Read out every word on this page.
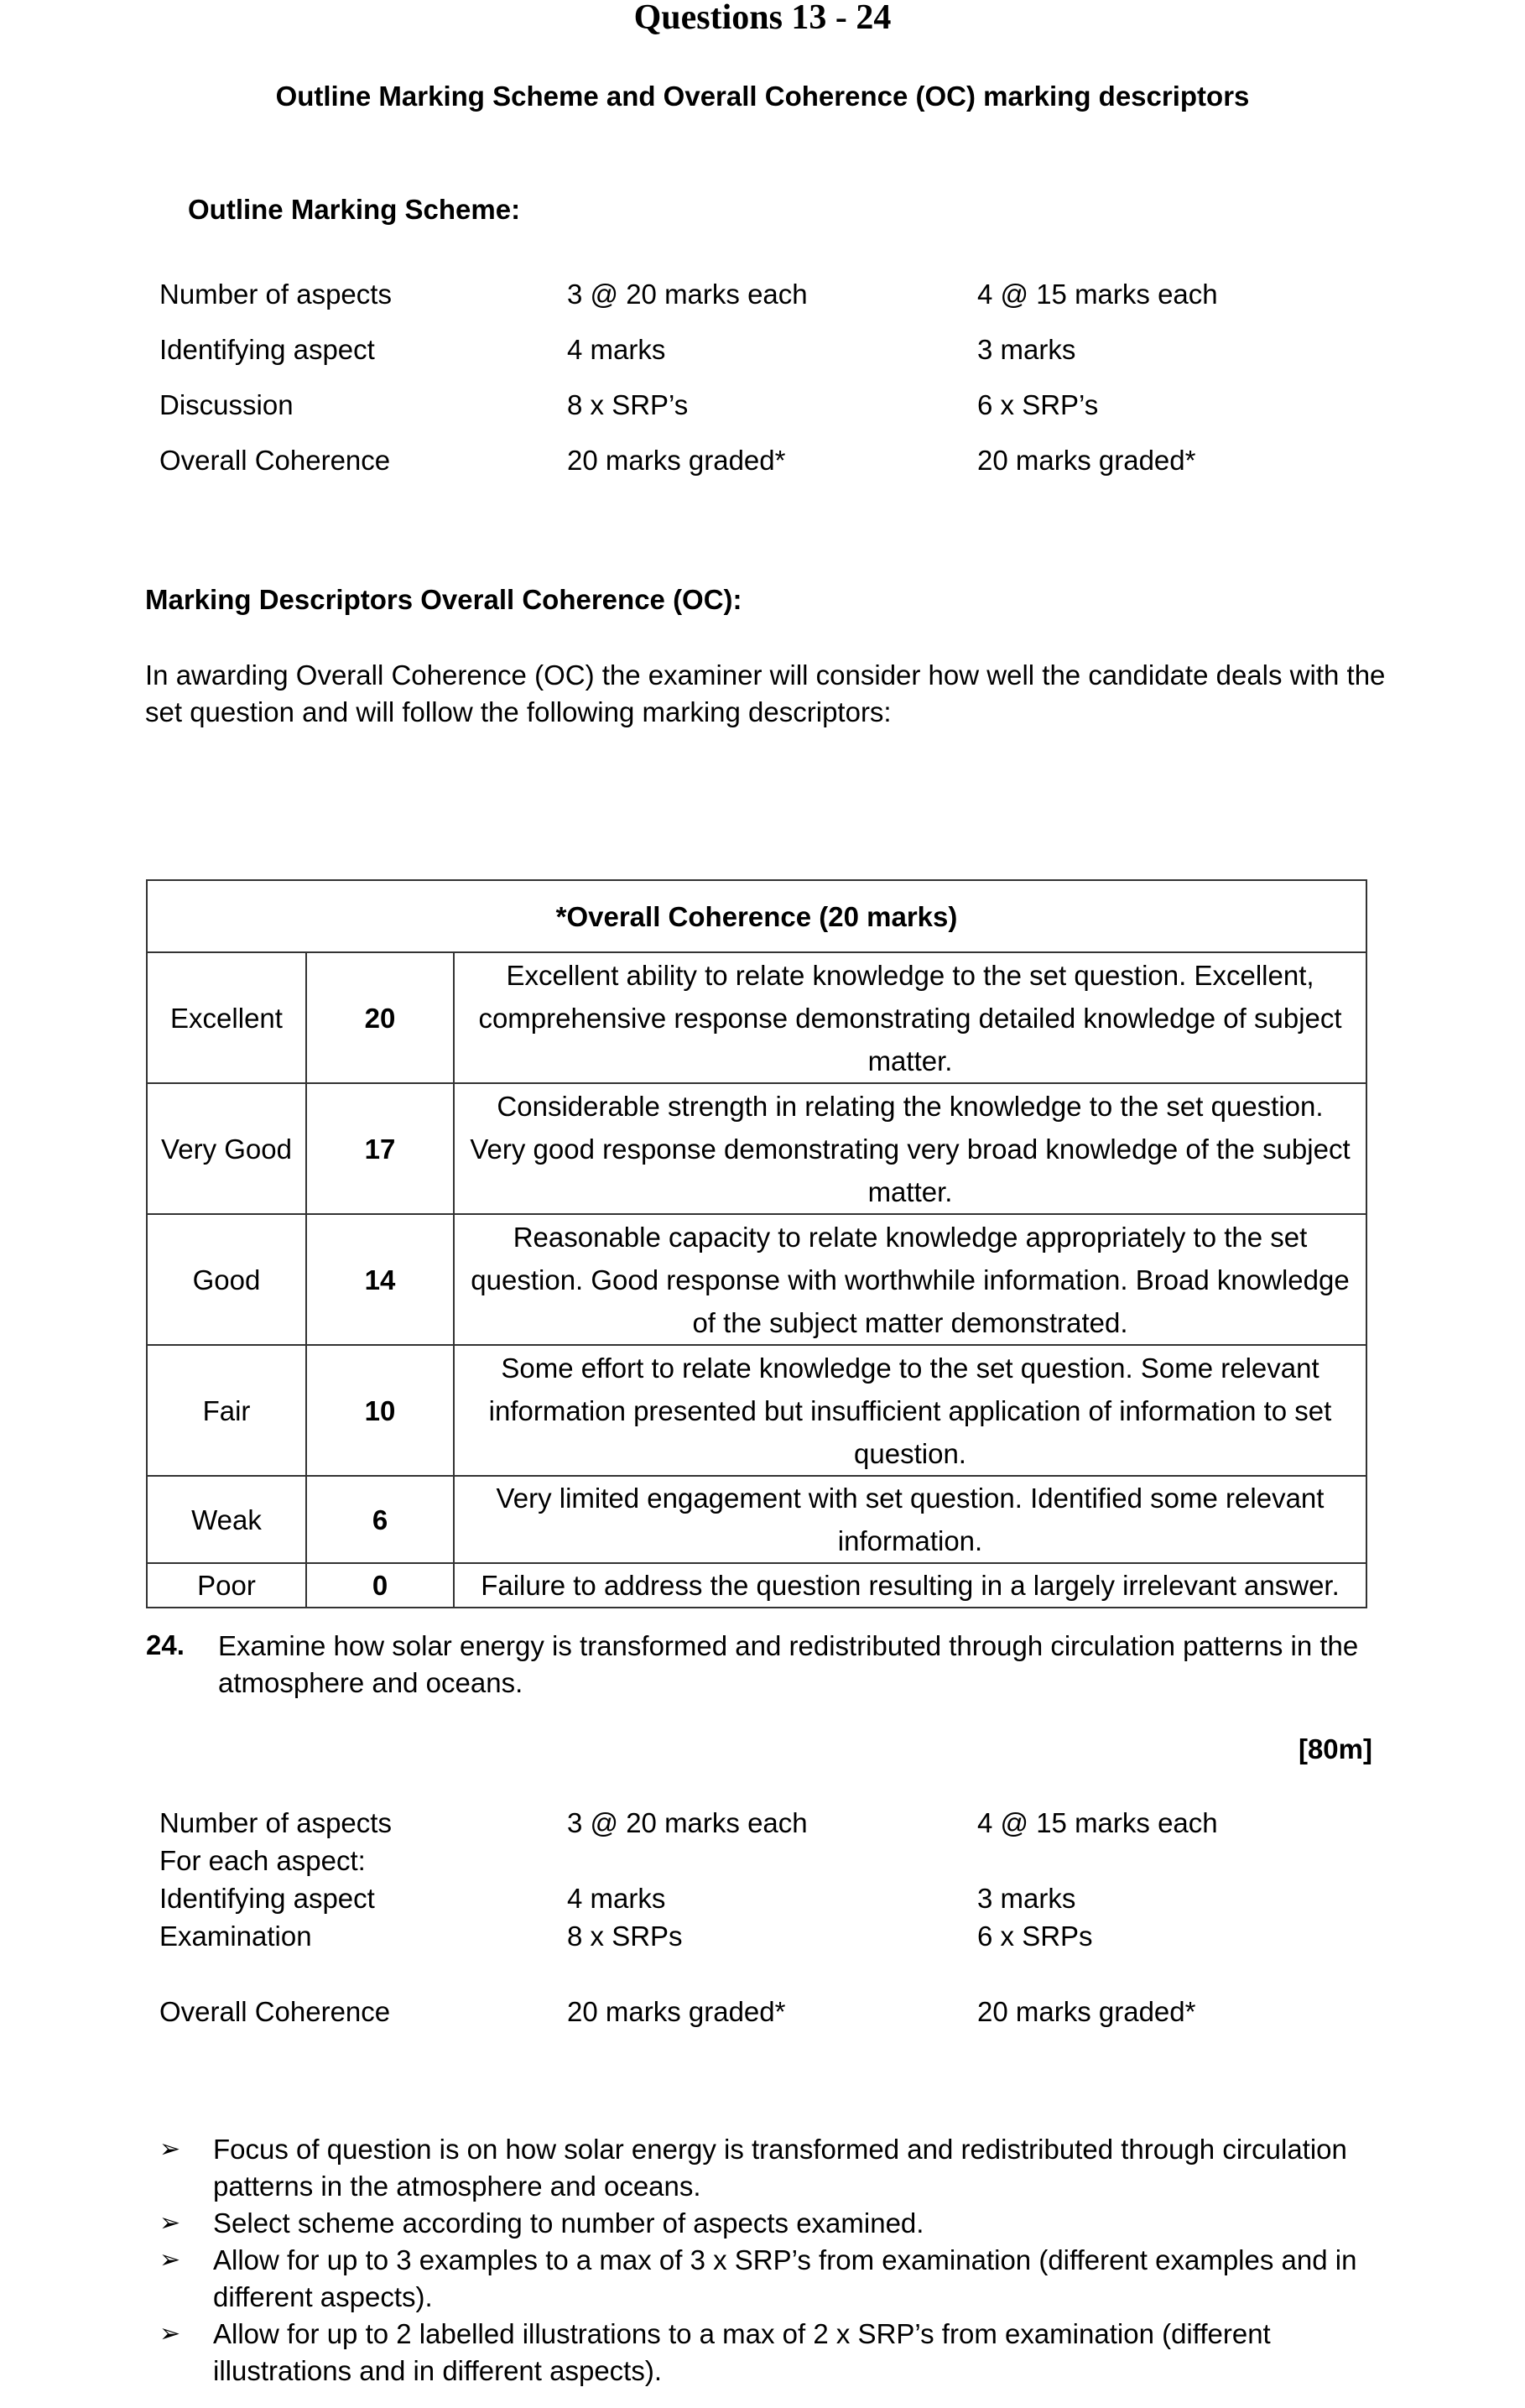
Questions 13 - 24
Outline Marking Scheme and Overall Coherence (OC) marking descriptors
Outline Marking Scheme:
Number of aspects	3 @ 20 marks each	4 @ 15 marks each
Identifying aspect	4 marks	3 marks
Discussion	8 x SRP’s	6 x SRP’s
Overall Coherence	20 marks graded*	20 marks graded*
Marking Descriptors Overall Coherence (OC):
In awarding Overall Coherence (OC) the examiner will consider how well the candidate deals with the set question and will follow the following marking descriptors:
*Overall Coherence (20 marks)		
Excellent	20	Excellent ability to relate knowledge to the set question. Excellent, comprehensive response demonstrating detailed knowledge of subject matter.
Very Good	17	Considerable strength in relating the knowledge to the set question. Very good response demonstrating very broad knowledge of the subject matter.
Good	14	Reasonable capacity to relate knowledge appropriately to the set question. Good response with worthwhile information. Broad knowledge of the subject matter demonstrated.
Fair	10	Some effort to relate knowledge to the set question. Some relevant information presented but insufficient application of information to set question.
Weak	6	Very limited engagement with set question. Identified some relevant information.
Poor	0	Failure to address the question resulting in a largely irrelevant answer.
24. Examine how solar energy is transformed and redistributed through circulation patterns in the atmosphere and oceans.
[80m]
Number of aspects	3 @ 20 marks each	4 @ 15 marks each
For each aspect:
Identifying aspect	4 marks	3 marks
Examination	8 x SRPs	6 x SRPs
Overall Coherence	20 marks graded*	20 marks graded*
➢ Focus of question is on how solar energy is transformed and redistributed through circulation patterns in the atmosphere and oceans.
➢ Select scheme according to number of aspects examined.
➢ Allow for up to 3 examples to a max of 3 x SRP’s from examination (different examples and in different aspects).
➢ Allow for up to 2 labelled illustrations to a max of 2 x SRP’s from examination (different illustrations and in different aspects).
